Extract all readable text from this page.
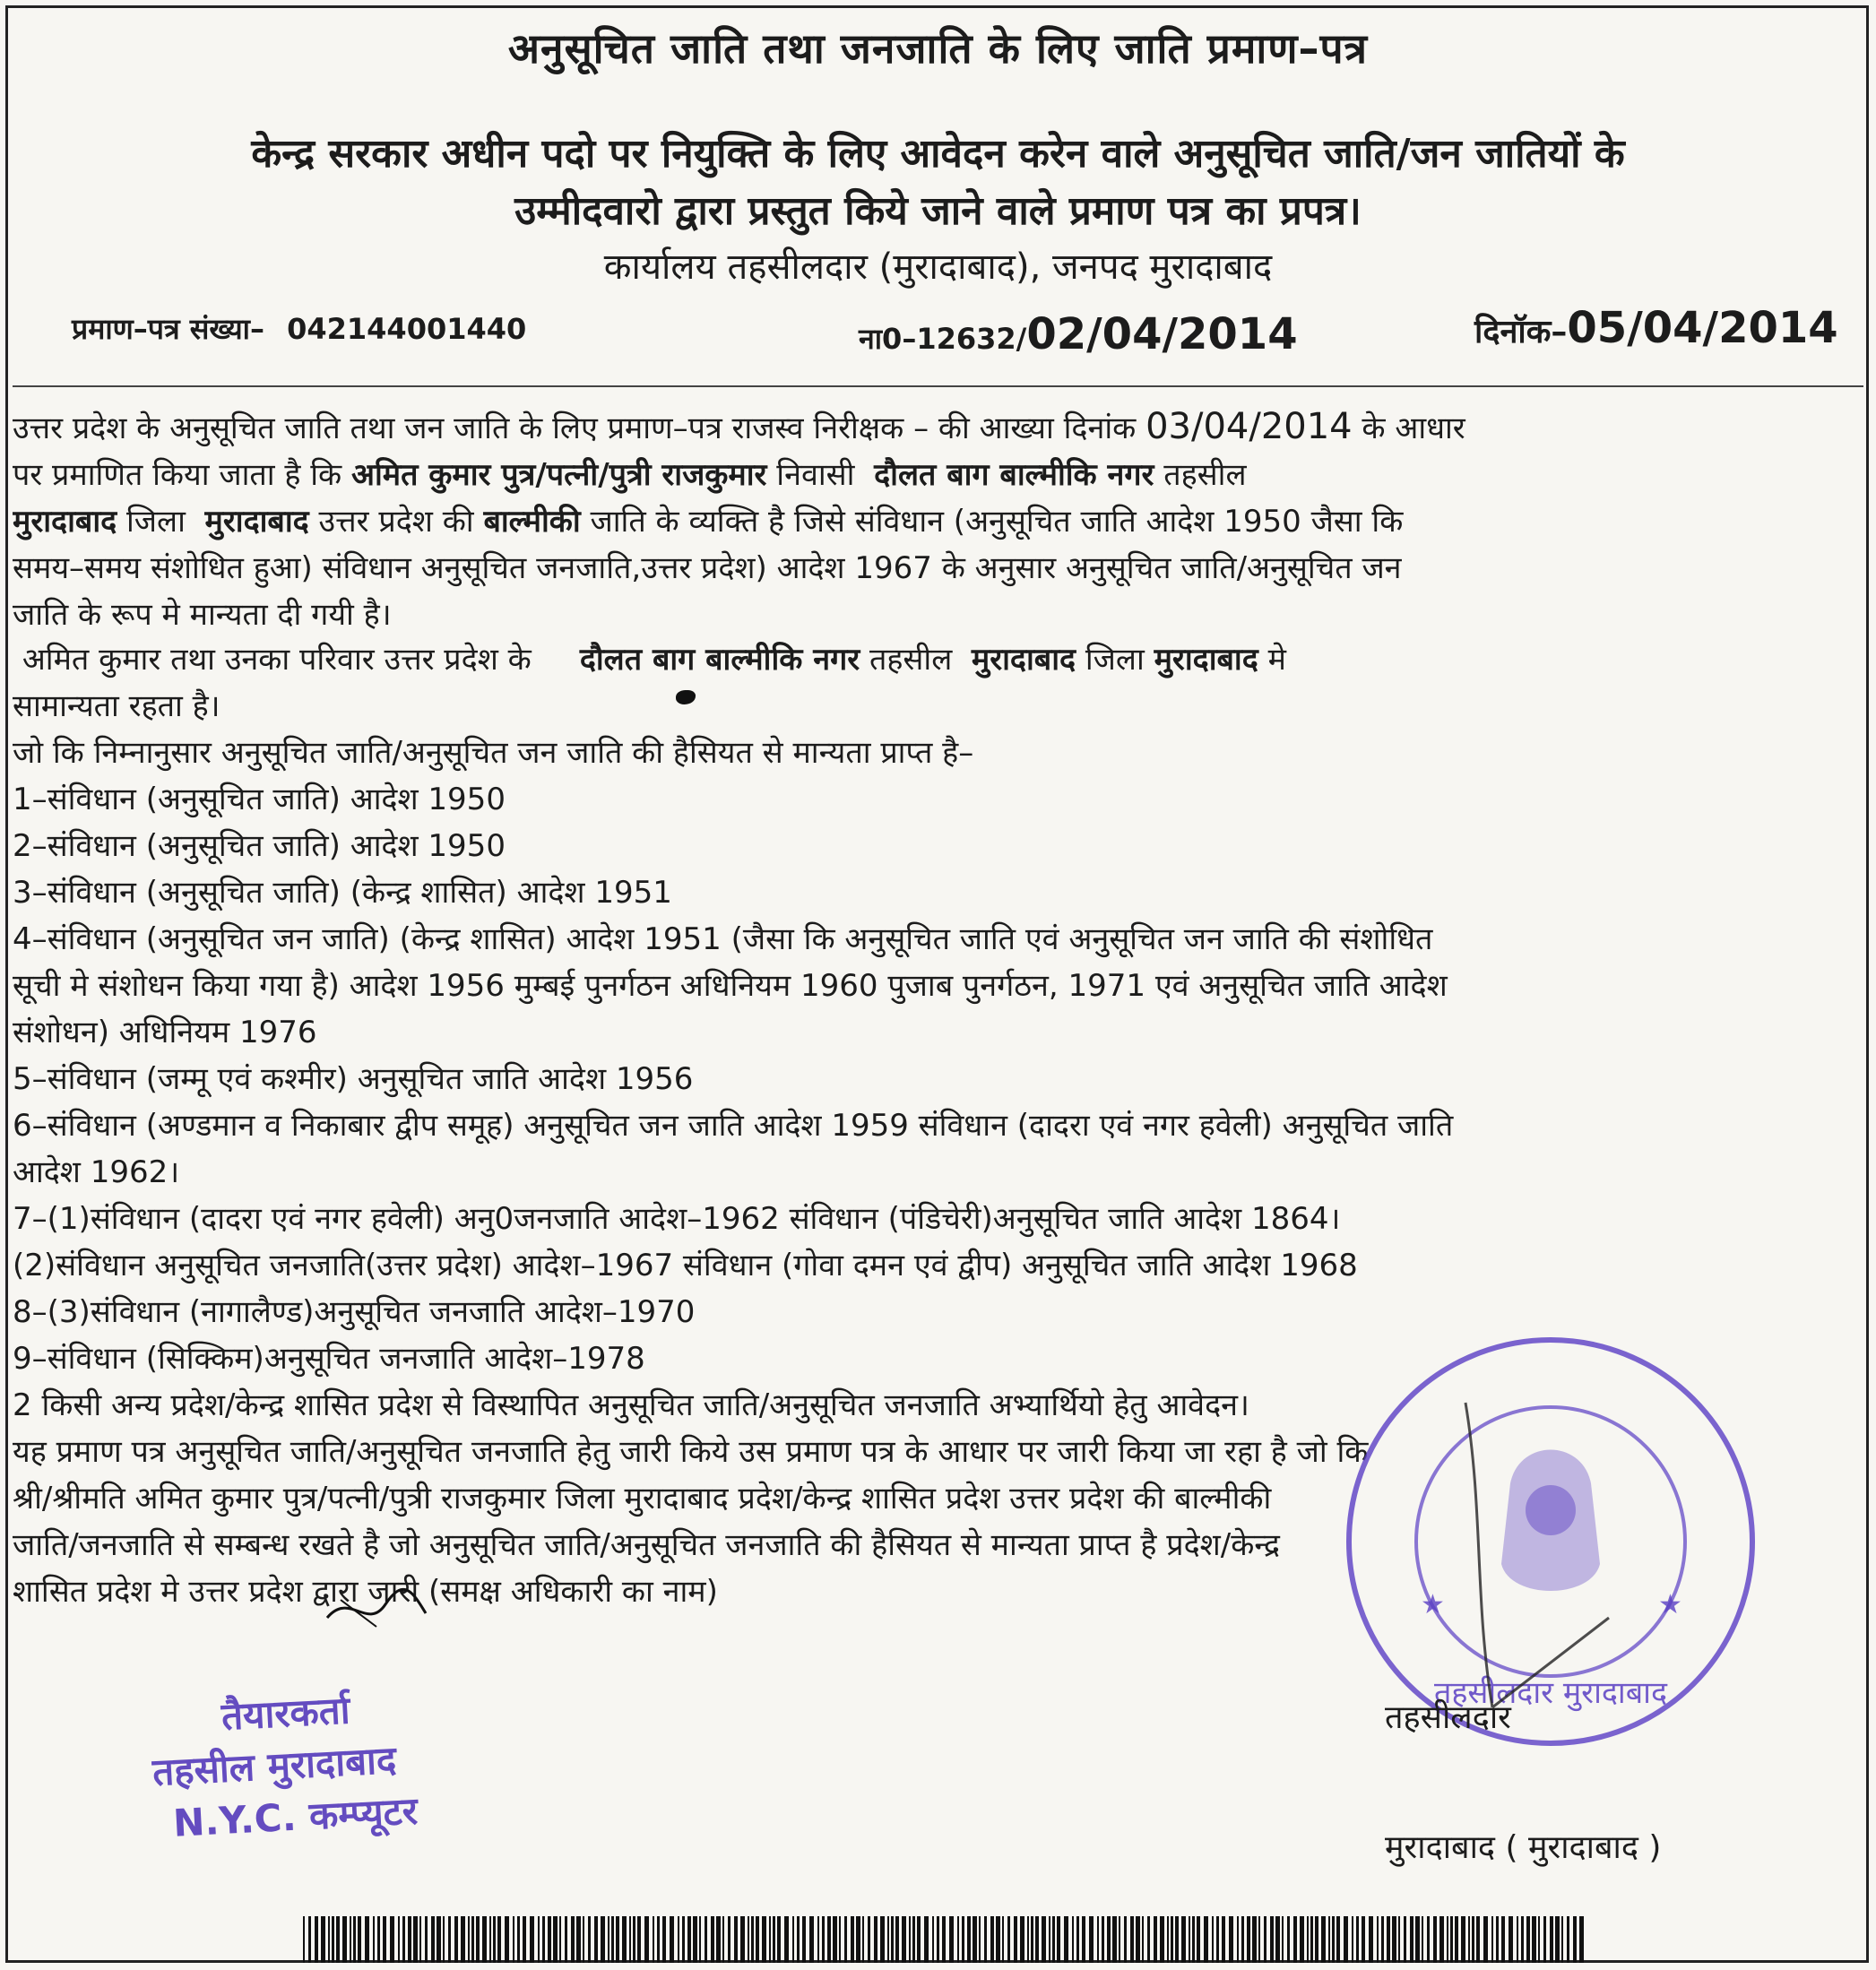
अनुसूचित जाति तथा जनजाति के लिए जाति प्रमाण–पत्र
केन्द्र सरकार अधीन पदो पर नियुक्ति के लिए आवेदन करेन वाले अनुसूचित जाति/जन जातियों के
उम्मीदवारो द्वारा प्रस्तुत किये जाने वाले प्रमाण पत्र का प्रपत्र।
कार्यालय तहसीलदार (मुरादाबाद), जनपद मुरादाबाद
प्रमाण–पत्र संख्या– 042144001440	ना0–12632/02/04/2014	दिनॉक–05/04/2014
उत्तर प्रदेश के अनुसूचित जाति तथा जन जाति के लिए प्रमाण–पत्र राजस्व निरीक्षक – की आख्या दिनांक 03/04/2014 के आधार
पर प्रमाणित किया जाता है कि अमित कुमार पुत्र/पत्नी/पुत्री राजकुमार निवासी दौलत बाग बाल्मीकि नगर तहसील
मुरादाबाद जिला मुरादाबाद उत्तर प्रदेश की बाल्मीकी जाति के व्यक्ति है जिसे संविधान (अनुसूचित जाति आदेश 1950 जैसा कि
समय–समय संशोधित हुआ) संविधान अनुसूचित जनजाति,उत्तर प्रदेश) आदेश 1967 के अनुसार अनुसूचित जाति/अनुसूचित जन
जाति के रूप मे मान्यता दी गयी है।
अमित कुमार तथा उनका परिवार उत्तर प्रदेश के दौलत बाग बाल्मीकि नगर तहसील मुरादाबाद जिला मुरादाबाद मे
सामान्यता रहता है।
जो कि निम्नानुसार अनुसूचित जाति/अनुसूचित जन जाति की हैसियत से मान्यता प्राप्त है–
1–संविधान (अनुसूचित जाति) आदेश 1950
2–संविधान (अनुसूचित जाति) आदेश 1950
3–संविधान (अनुसूचित जाति) (केन्द्र शासित) आदेश 1951
4–संविधान (अनुसूचित जन जाति) (केन्द्र शासित) आदेश 1951 (जैसा कि अनुसूचित जाति एवं अनुसूचित जन जाति की संशोधित
सूची मे संशोधन किया गया है) आदेश 1956 मुम्बई पुनर्गठन अधिनियम 1960 पुजाब पुनर्गठन, 1971 एवं अनुसूचित जाति आदेश
संशोधन) अधिनियम 1976
5–संविधान (जम्मू एवं कश्मीर) अनुसूचित जाति आदेश 1956
6–संविधान (अण्डमान व निकाबार द्वीप समूह) अनुसूचित जन जाति आदेश 1959 संविधान (दादरा एवं नगर हवेली) अनुसूचित जाति
आदेश 1962।
7–(1)संविधान (दादरा एवं नगर हवेली) अनु0जनजाति आदेश–1962 संविधान (पंडिचेरी)अनुसूचित जाति आदेश 1864।
(2)संविधान अनुसूचित जनजाति(उत्तर प्रदेश) आदेश–1967 संविधान (गोवा दमन एवं द्वीप) अनुसूचित जाति आदेश 1968
8–(3)संविधान (नागालैण्ड)अनुसूचित जनजाति आदेश–1970
9–संविधान (सिक्किम)अनुसूचित जनजाति आदेश–1978
2 किसी अन्य प्रदेश/केन्द्र शासित प्रदेश से विस्थापित अनुसूचित जाति/अनुसूचित जनजाति अभ्यार्थियो हेतु आवेदन।
यह प्रमाण पत्र अनुसूचित जाति/अनुसूचित जनजाति हेतु जारी किये उस प्रमाण पत्र के आधार पर जारी किया जा रहा है जो कि
श्री/श्रीमति अमित कुमार पुत्र/पत्नी/पुत्री राजकुमार जिला मुरादाबाद प्रदेश/केन्द्र शासित प्रदेश उत्तर प्रदेश की बाल्मीकी
जाति/जनजाति से सम्बन्ध रखते है जो अनुसूचित जाति/अनुसूचित जनजाति की हैसियत से मान्यता प्राप्त है प्रदेश/केन्द्र
शासित प्रदेश मे उत्तर प्रदेश द्वारा जारी (समक्ष अधिकारी का नाम)
तैयारकर्ता
तहसील मुरादाबाद
N.Y.C. कम्प्यूटर
★	★
तहसीलदार मुरादाबाद
तहसीलदार
मुरादाबाद ( मुरादाबाद )
